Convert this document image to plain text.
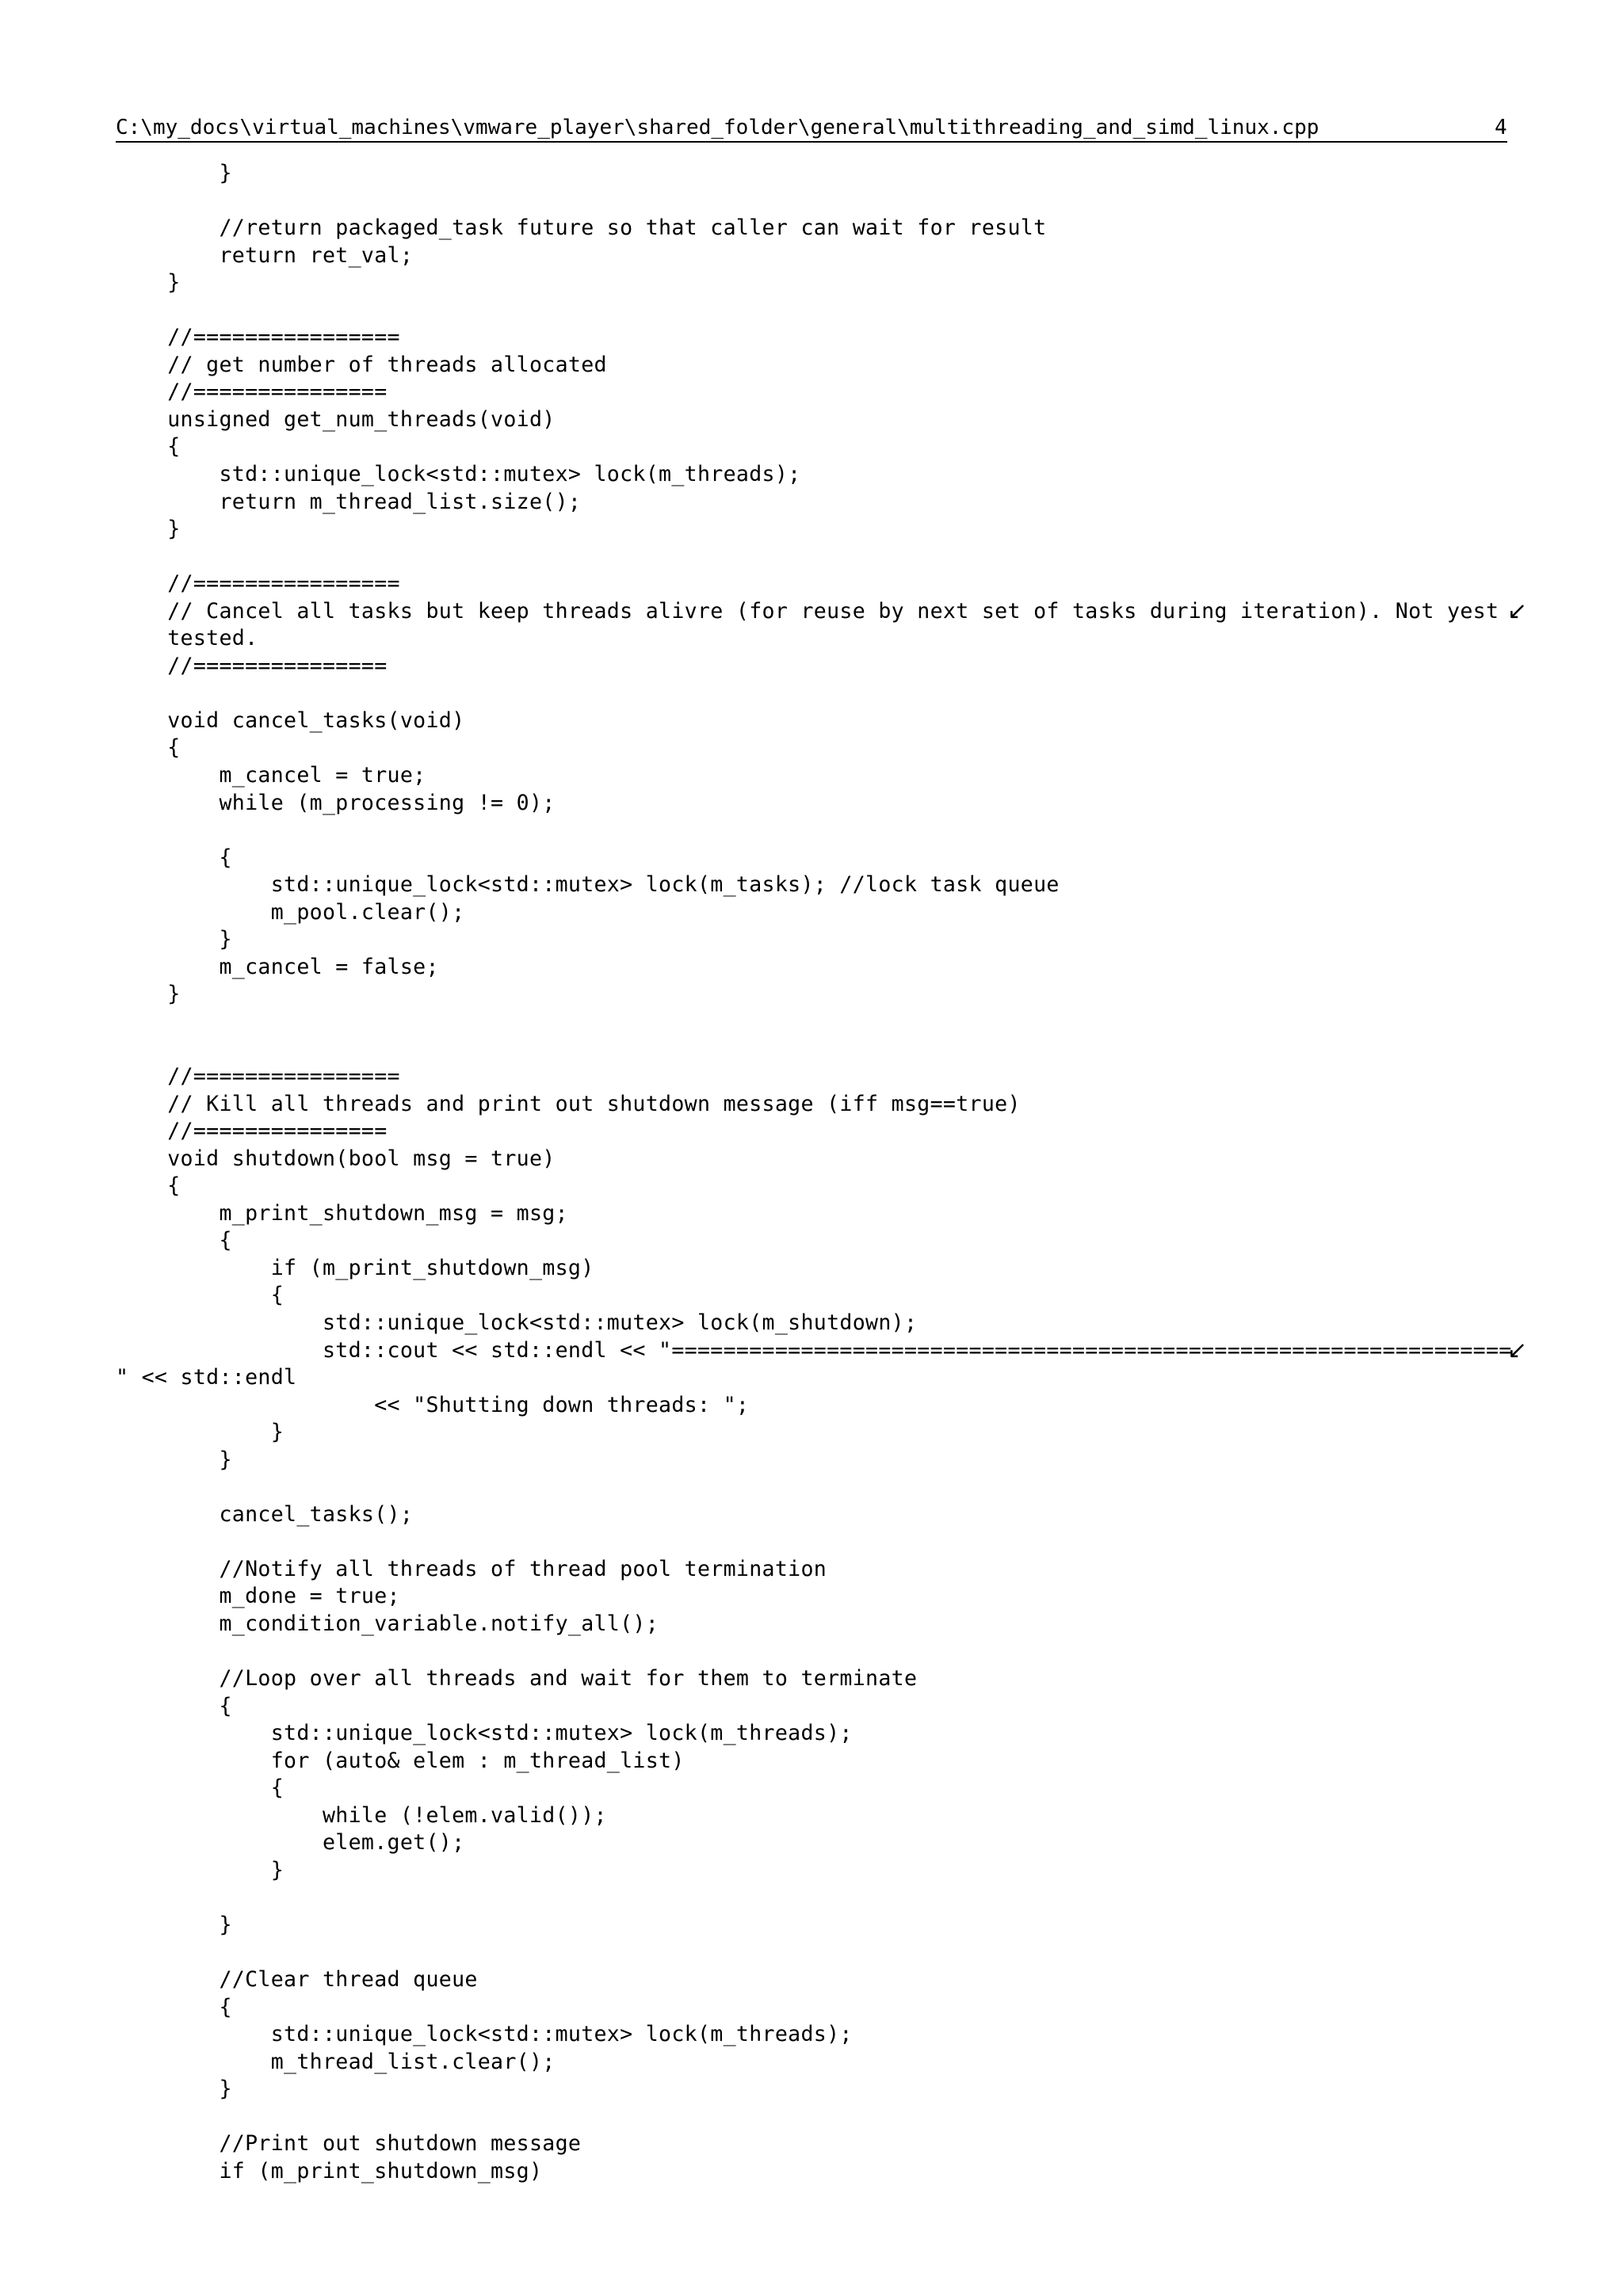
C:\my_docs\virtual_machines\vmware_player\shared_folder\general\multithreading_and_simd_linux.cpp	4
}
//return packaged_task future so that caller can wait for result
return ret_val;
}
//================
// get number of threads allocated
//===============
unsigned get_num_threads(void)
{
std::unique_lock<std::mutex> lock(m_threads);
return m_thread_list.size();
}
//================
// Cancel all tasks but keep threads alivre (for reuse by next set of tasks during iteration). Not yest ↙
tested.
//===============
void cancel_tasks(void)
{
m_cancel = true;
while (m_processing != 0);
{
std::unique_lock<std::mutex> lock(m_tasks); //lock task queue
m_pool.clear();
}
m_cancel = false;
}
//================
// Kill all threads and print out shutdown message (iff msg==true)
//===============
void shutdown(bool msg = true)
{
m_print_shutdown_msg = msg;
{
if (m_print_shutdown_msg)
{
std::unique_lock<std::mutex> lock(m_shutdown);
std::cout << std::endl << "=================================================================
↙
" << std::endl
<< "Shutting down threads: ";
}
}
cancel_tasks();
//Notify all threads of thread pool termination
m_done = true;
m_condition_variable.notify_all();
//Loop over all threads and wait for them to terminate
{
std::unique_lock<std::mutex> lock(m_threads);
for (auto& elem : m_thread_list)
{
while (!elem.valid());
elem.get();
}
}
//Clear thread queue
{
std::unique_lock<std::mutex> lock(m_threads);
m_thread_list.clear();
}
//Print out shutdown message
if (m_print_shutdown_msg)
